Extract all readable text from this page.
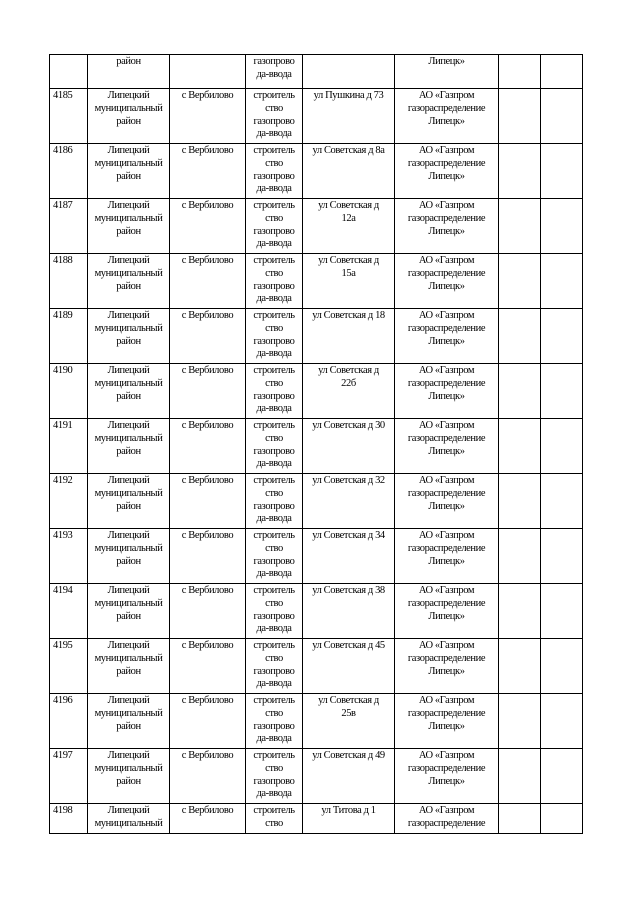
	район		газопрово
да-ввода		Липецк»		

4185	Липецкий
муниципальный
район	с Вербилово	строитель
ство
газопрово
да-ввода	ул Пушкина д 73	АО «Газпром
газораспределение
Липецк»		

4186	Липецкий
муниципальный
район	с Вербилово	строитель
ство
газопрово
да-ввода	ул Советская д 8а	АО «Газпром
газораспределение
Липецк»		

4187	Липецкий
муниципальный
район	с Вербилово	строитель
ство
газопрово
да-ввода	ул Советская д
12а	АО «Газпром
газораспределение
Липецк»		

4188	Липецкий
муниципальный
район	с Вербилово	строитель
ство
газопрово
да-ввода	ул Советская д
15а	АО «Газпром
газораспределение
Липецк»		

4189	Липецкий
муниципальный
район	с Вербилово	строитель
ство
газопрово
да-ввода	ул Советская д 18	АО «Газпром
газораспределение
Липецк»		

4190	Липецкий
муниципальный
район	с Вербилово	строитель
ство
газопрово
да-ввода	ул Советская д
22б	АО «Газпром
газораспределение
Липецк»		

4191	Липецкий
муниципальный
район	с Вербилово	строитель
ство
газопрово
да-ввода	ул Советская д 30	АО «Газпром
газораспределение
Липецк»		

4192	Липецкий
муниципальный
район	с Вербилово	строитель
ство
газопрово
да-ввода	ул Советская д 32	АО «Газпром
газораспределение
Липецк»		

4193	Липецкий
муниципальный
район	с Вербилово	строитель
ство
газопрово
да-ввода	ул Советская д 34	АО «Газпром
газораспределение
Липецк»		

4194	Липецкий
муниципальный
район	с Вербилово	строитель
ство
газопрово
да-ввода	ул Советская д 38	АО «Газпром
газораспределение
Липецк»		

4195	Липецкий
муниципальный
район	с Вербилово	строитель
ство
газопрово
да-ввода	ул Советская д 45	АО «Газпром
газораспределение
Липецк»		

4196	Липецкий
муниципальный
район	с Вербилово	строитель
ство
газопрово
да-ввода	ул Советская д
25в	АО «Газпром
газораспределение
Липецк»		

4197	Липецкий
муниципальный
район	с Вербилово	строитель
ство
газопрово
да-ввода	ул Советская д 49	АО «Газпром
газораспределение
Липецк»		

4198	Липецкий
муниципальный	с Вербилово	строитель
ство	ул Титова д 1	АО «Газпром
газораспределение		
